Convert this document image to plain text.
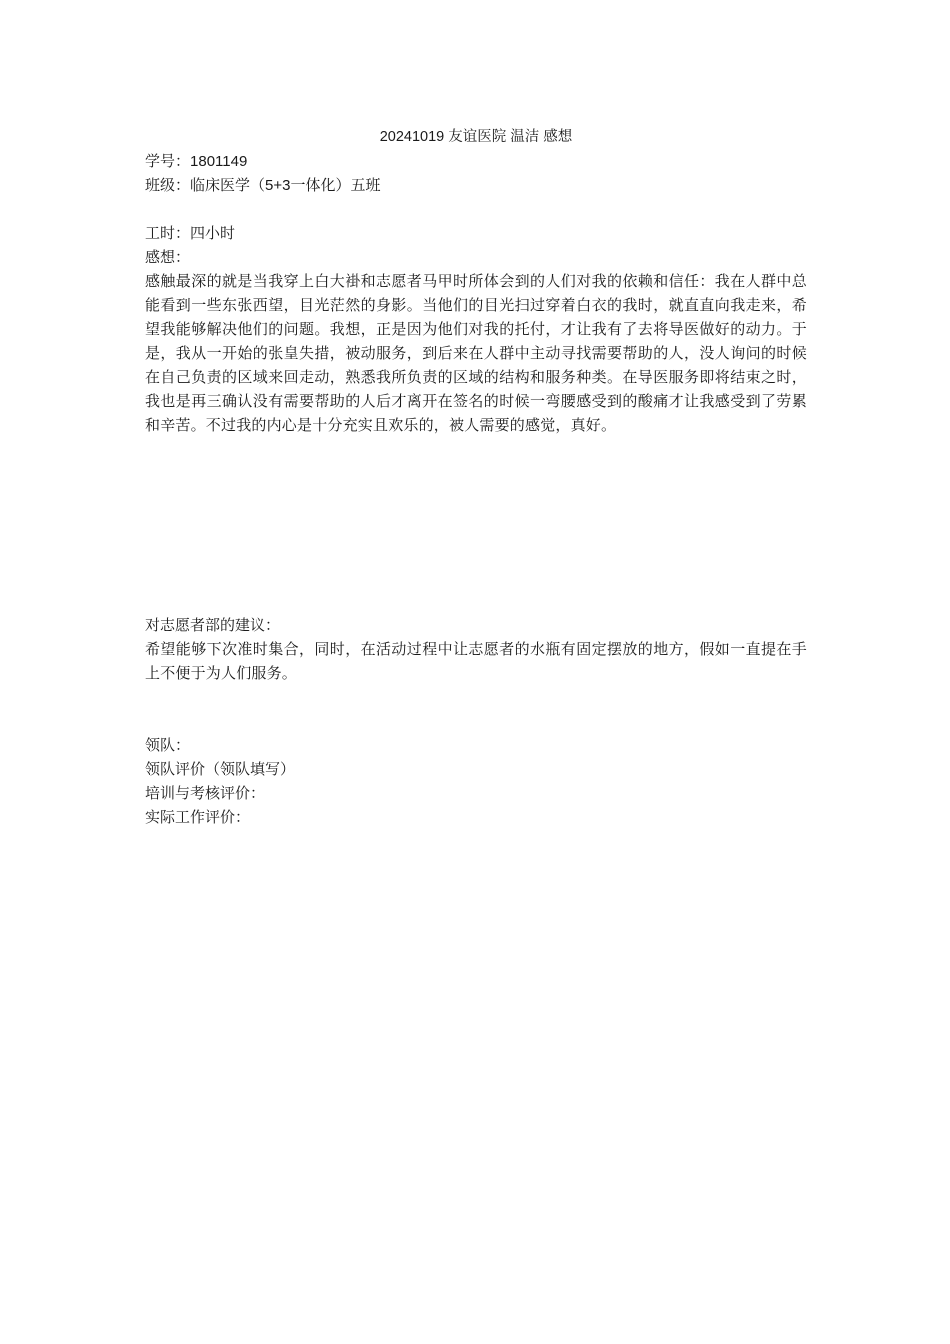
20241019 友谊医院 温洁 感想
学号：1801149
班级：临床医学（5+3一体化）五班
工时：四小时
感想：
感触最深的就是当我穿上白大褂和志愿者马甲时所体会到的人们对我的依赖和信任：我在人群中总能看到一些东张西望，目光茫然的身影。当他们的目光扫过穿着白衣的我时，就直直向我走来，希望我能够解决他们的问题。我想，正是因为他们对我的托付，才让我有了去将导医做好的动力。于是，我从一开始的张皇失措，被动服务，到后来在人群中主动寻找需要帮助的人，没人询问的时候在自己负责的区域来回走动，熟悉我所负责的区域的结构和服务种类。在导医服务即将结束之时，我也是再三确认没有需要帮助的人后才离开在签名的时候一弯腰感受到的酸痛才让我感受到了劳累和辛苦。不过我的内心是十分充实且欢乐的，被人需要的感觉，真好。
对志愿者部的建议：
希望能够下次准时集合，同时，在活动过程中让志愿者的水瓶有固定摆放的地方，假如一直提在手上不便于为人们服务。
领队：
领队评价（领队填写）
培训与考核评价：
实际工作评价：
